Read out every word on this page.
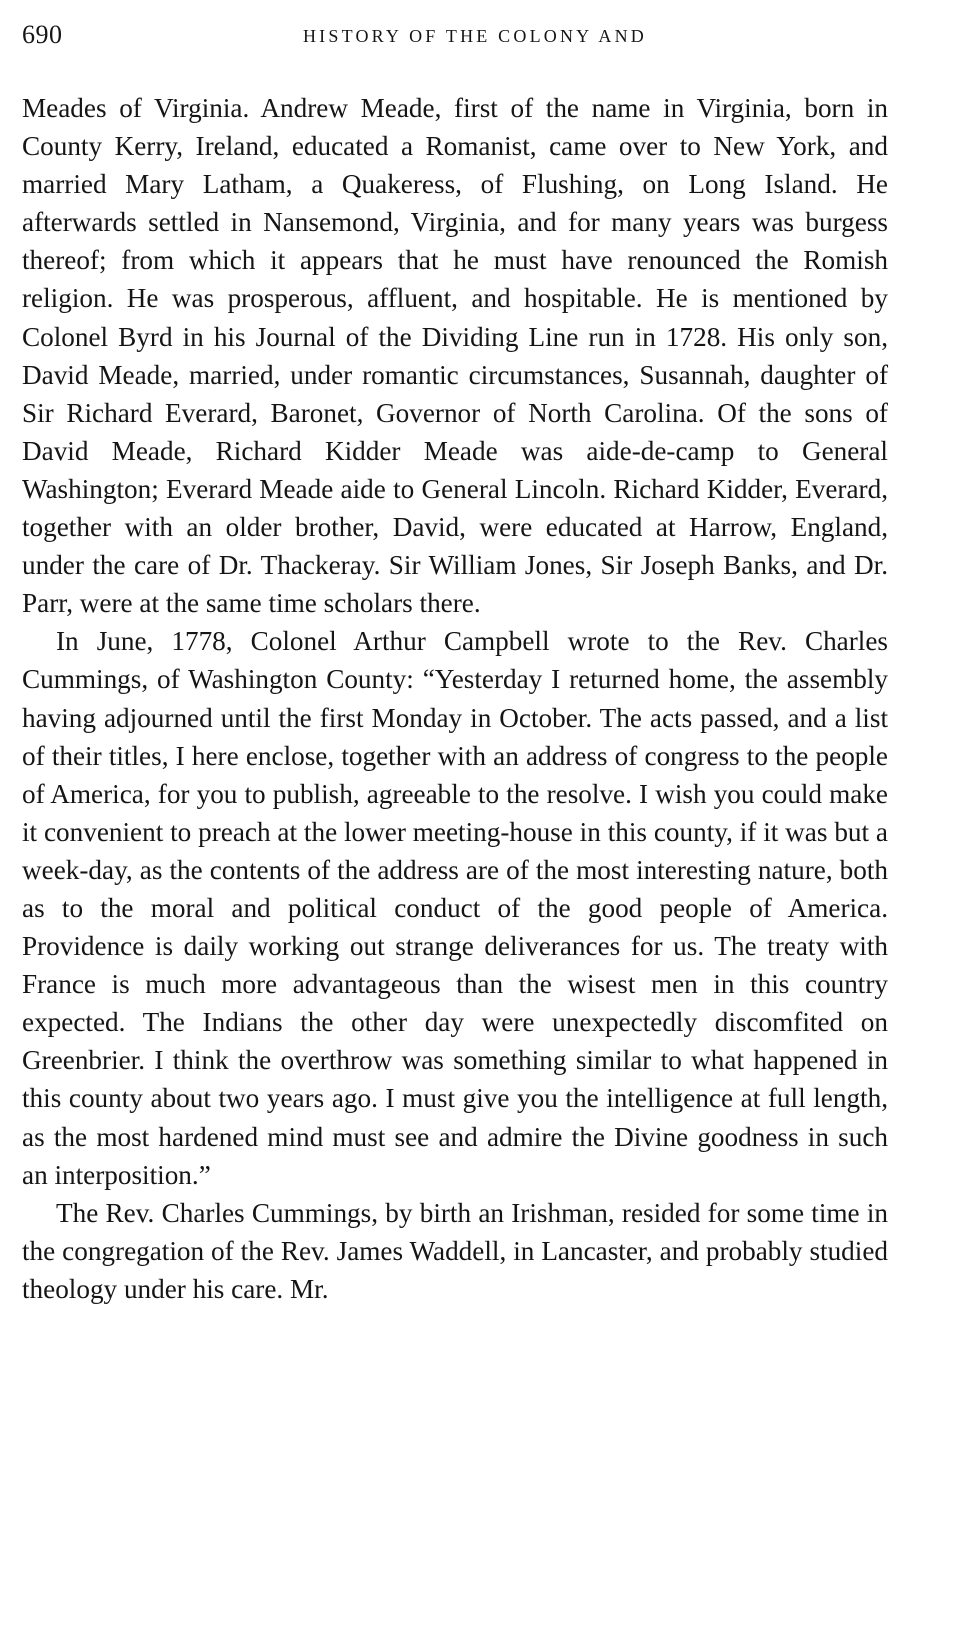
690	HISTORY OF THE COLONY AND

Meades of Virginia. Andrew Meade, first of the name in Virginia, born in County Kerry, Ireland, educated a Romanist, came over to New York, and married Mary Latham, a Quakeress, of Flushing, on Long Island. He afterwards settled in Nansemond, Virginia, and for many years was burgess thereof; from which it appears that he must have renounced the Romish religion. He was prosperous, affluent, and hospitable. He is mentioned by Colonel Byrd in his Journal of the Dividing Line run in 1728. His only son, David Meade, married, under romantic circumstances, Susannah, daughter of Sir Richard Everard, Baronet, Governor of North Carolina. Of the sons of David Meade, Richard Kidder Meade was aide-de-camp to General Washington; Everard Meade aide to General Lincoln. Richard Kidder, Everard, together with an older brother, David, were educated at Harrow, England, under the care of Dr. Thackeray. Sir William Jones, Sir Joseph Banks, and Dr. Parr, were at the same time scholars there.

In June, 1778, Colonel Arthur Campbell wrote to the Rev. Charles Cummings, of Washington County: “Yesterday I returned home, the assembly having adjourned until the first Monday in October. The acts passed, and a list of their titles, I here enclose, together with an address of congress to the people of America, for you to publish, agreeable to the resolve. I wish you could make it convenient to preach at the lower meeting-house in this county, if it was but a week-day, as the contents of the address are of the most interesting nature, both as to the moral and political conduct of the good people of America. Providence is daily working out strange deliverances for us. The treaty with France is much more advantageous than the wisest men in this country expected. The Indians the other day were unexpectedly discomfited on Greenbrier. I think the overthrow was something similar to what happened in this county about two years ago. I must give you the intelligence at full length, as the most hardened mind must see and admire the Divine goodness in such an interposition.”

The Rev. Charles Cummings, by birth an Irishman, resided for some time in the congregation of the Rev. James Waddell, in Lancaster, and probably studied theology under his care. Mr.
